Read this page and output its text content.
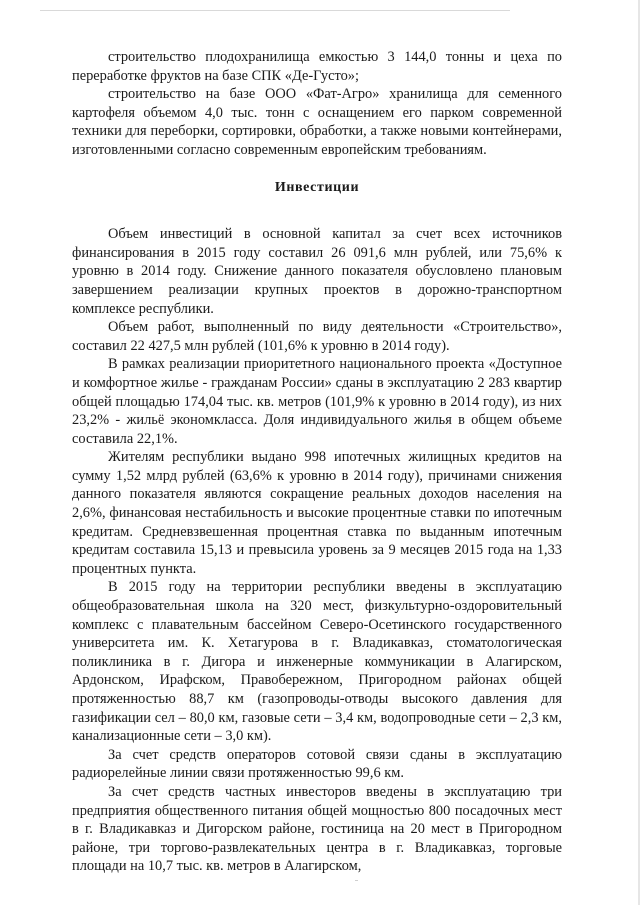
строительство плодохранилища емкостью 3 144,0 тонны и цеха по переработке фруктов на базе СПК «Де-Густо»;

строительство на базе ООО «Фат-Агро» хранилища для семенного картофеля объемом 4,0 тыс. тонн с оснащением его парком современной техники для переборки, сортировки, обработки, а также новыми контейнерами, изготовленными согласно современным европейским требованиям.

Инвестиции

Объем инвестиций в основной капитал за счет всех источников финансирования в 2015 году составил 26 091,6 млн рублей, или 75,6% к уровню в 2014 году. Снижение данного показателя обусловлено плановым завершением реализации крупных проектов в дорожно-транспортном комплексе республики.

Объем работ, выполненный по виду деятельности «Строительство», составил 22 427,5 млн рублей (101,6% к уровню в 2014 году).

В рамках реализации приоритетного национального проекта «Доступное и комфортное жилье - гражданам России» сданы в эксплуатацию 2 283 квартир общей площадью 174,04 тыс. кв. метров (101,9% к уровню в 2014 году), из них 23,2% - жильё экономкласса. Доля индивидуального жилья в общем объеме составила 22,1%.

Жителям республики выдано 998 ипотечных жилищных кредитов на сумму 1,52 млрд рублей (63,6% к уровню в 2014 году), причинами снижения данного показателя являются сокращение реальных доходов населения на 2,6%, финансовая нестабильность и высокие процентные ставки по ипотечным кредитам. Средневзвешенная процентная ставка по выданным ипотечным кредитам составила 15,13 и превысила уровень за 9 месяцев 2015 года на 1,33 процентных пункта.

В 2015 году на территории республики введены в эксплуатацию общеобразовательная школа на 320 мест, физкультурно-оздоровительный комплекс с плавательным бассейном Северо-Осетинского государственного университета им. К. Хетагурова в г. Владикавказ, стоматологическая поликлиника в г. Дигора и инженерные коммуникации в Алагирском, Ардонском, Ирафском, Правобережном, Пригородном районах общей протяженностью 88,7 км (газопроводы-отводы высокого давления для газификации сел – 80,0 км, газовые сети – 3,4 км, водопроводные сети – 2,3 км, канализационные сети – 3,0 км).

За счет средств операторов сотовой связи сданы в эксплуатацию радиорелейные линии связи протяженностью 99,6 км.

За счет средств частных инвесторов введены в эксплуатацию три предприятия общественного питания общей мощностью 800 посадочных мест в г. Владикавказ и Дигорском районе, гостиница на 20 мест в Пригородном районе, три торгово-развлекательных центра в г. Владикавказ, торговые площади на 10,7 тыс. кв. метров в Алагирском,
